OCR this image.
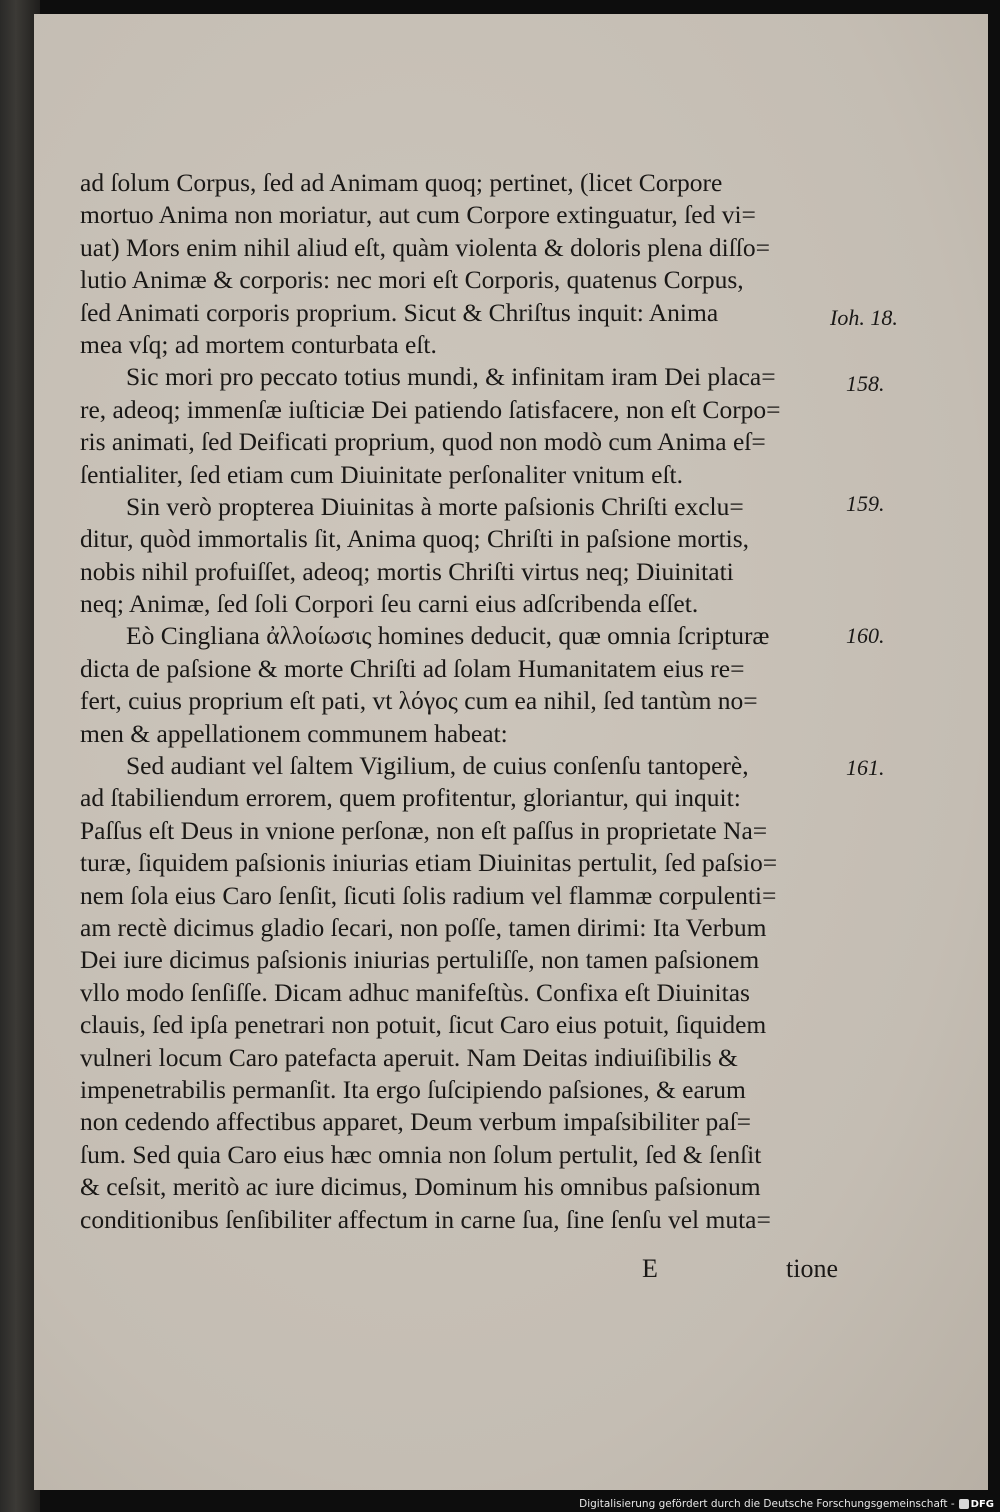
ad ſolum Corpus, ſed ad Animam quoq; pertinet, (licet Corpore
mortuo Anima non moriatur, aut cum Corpore extinguatur, ſed vi=
uat) Mors enim nihil aliud eſt, quàm violenta & doloris plena diſſo=
lutio Animæ & corporis: nec mori eſt Corporis, quatenus Corpus,
ſed Animati corporis proprium. Sicut & Chriſtus inquit: Anima
mea vſq; ad mortem conturbata eſt.
Sic mori pro peccato totius mundi, & infinitam iram Dei placa=
re, adeoq; immenſæ iuſticiæ Dei patiendo ſatisfacere, non eſt Corpo=
ris animati, ſed Deificati proprium, quod non modò cum Anima eſ=
ſentialiter, ſed etiam cum Diuinitate perſonaliter vnitum eſt.
Sin verò propterea Diuinitas à morte paſsionis Chriſti exclu=
ditur, quòd immortalis ſit, Anima quoq; Chriſti in paſsione mortis,
nobis nihil profuiſſet, adeoq; mortis Chriſti virtus neq; Diuinitati
neq; Animæ, ſed ſoli Corpori ſeu carni eius adſcribenda eſſet.
Eò Cingliana ἀλλοίωσις homines deducit, quæ omnia ſcripturæ
dicta de paſsione & morte Chriſti ad ſolam Humanitatem eius re=
fert, cuius proprium eſt pati, vt λόγος cum ea nihil, ſed tantùm no=
men & appellationem communem habeat:
Sed audiant vel ſaltem Vigilium, de cuius conſenſu tantoperè,
ad ſtabiliendum errorem, quem profitentur, gloriantur, qui inquit:
Paſſus eſt Deus in vnione perſonæ, non eſt paſſus in proprietate Na=
turæ, ſiquidem paſsionis iniurias etiam Diuinitas pertulit, ſed paſsio=
nem ſola eius Caro ſenſit, ſicuti ſolis radium vel flammæ corpulenti=
am rectè dicimus gladio ſecari, non poſſe, tamen dirimi: Ita Verbum
Dei iure dicimus paſsionis iniurias pertuliſſe, non tamen paſsionem
vllo modo ſenſiſſe. Dicam adhuc manifeſtùs. Confixa eſt Diuinitas
clauis, ſed ipſa penetrari non potuit, ſicut Caro eius potuit, ſiquidem
vulneri locum Caro patefacta aperuit. Nam Deitas indiuiſibilis &
impenetrabilis permanſit. Ita ergo ſuſcipiendo paſsiones, & earum
non cedendo affectibus apparet, Deum verbum impaſsibiliter paſ=
ſum. Sed quia Caro eius hæc omnia non ſolum pertulit, ſed & ſenſit
& ceſsit, meritò ac iure dicimus, Dominum his omnibus paſsionum
conditionibus ſenſibiliter affectum in carne ſua, ſine ſenſu vel muta=
Ioh. 18.
158.
159.
160.
161.
E	tione
Digitalisierung gefördert durch die Deutsche Forschungsgemeinschaft - DFG
